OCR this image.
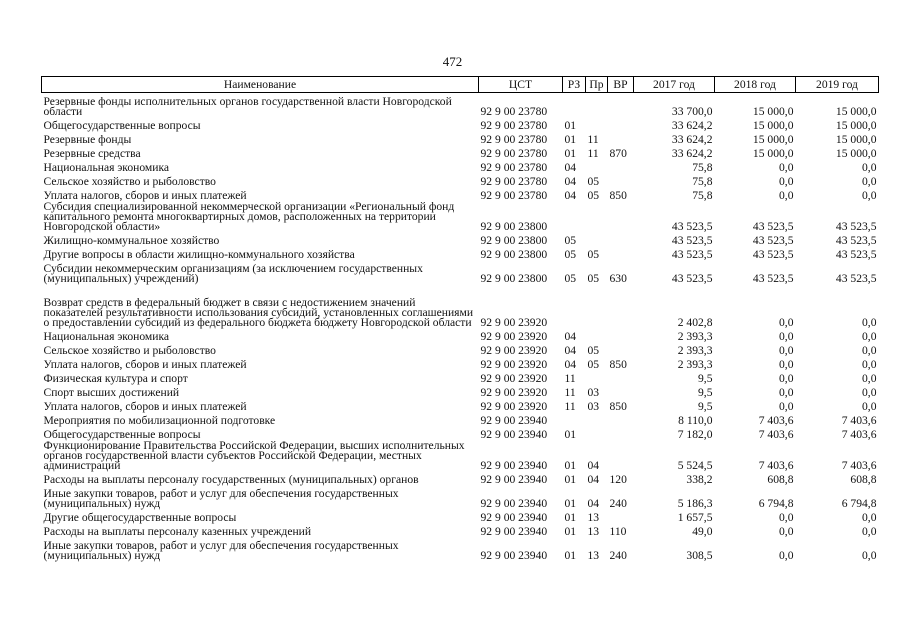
472
Наименование	ЦСТ	РЗ	Пр	ВР	2017 год	2018 год	2019 год
Резервные фонды исполнительных органов государственной власти Новгородской области	92 9 00 23780				33 700,0	15 000,0	15 000,0
Общегосударственные вопросы	92 9 00 23780	01			33 624,2	15 000,0	15 000,0
Резервные фонды	92 9 00 23780	01	11		33 624,2	15 000,0	15 000,0
Резервные средства	92 9 00 23780	01	11	870	33 624,2	15 000,0	15 000,0
Национальная экономика	92 9 00 23780	04			75,8	0,0	0,0
Сельское хозяйство и рыболовство	92 9 00 23780	04	05		75,8	0,0	0,0
Уплата налогов, сборов и иных платежей	92 9 00 23780	04	05	850	75,8	0,0	0,0
Субсидия специализированной некоммерческой организации «Региональный фонд капитального ремонта многоквартирных домов, расположенных на территории Новгородской области»	92 9 00 23800				43 523,5	43 523,5	43 523,5
Жилищно-коммунальное хозяйство	92 9 00 23800	05			43 523,5	43 523,5	43 523,5
Другие вопросы в области жилищно-коммунального хозяйства	92 9 00 23800	05	05		43 523,5	43 523,5	43 523,5
Субсидии некоммерческим организациям (за исключением государственных (муниципальных) учреждений)	92 9 00 23800	05	05	630	43 523,5	43 523,5	43 523,5
Возврат средств в федеральный бюджет в связи с недостижением значений показателей результативности использования субсидий, установленных соглашениями о предоставлении субсидий из федерального бюджета бюджету Новгородской области	92 9 00 23920				2 402,8	0,0	0,0
Национальная экономика	92 9 00 23920	04			2 393,3	0,0	0,0
Сельское хозяйство и рыболовство	92 9 00 23920	04	05		2 393,3	0,0	0,0
Уплата налогов, сборов и иных платежей	92 9 00 23920	04	05	850	2 393,3	0,0	0,0
Физическая культура и спорт	92 9 00 23920	11			9,5	0,0	0,0
Спорт высших достижений	92 9 00 23920	11	03		9,5	0,0	0,0
Уплата налогов, сборов и иных платежей	92 9 00 23920	11	03	850	9,5	0,0	0,0
Мероприятия по мобилизационной подготовке	92 9 00 23940				8 110,0	7 403,6	7 403,6
Общегосударственные вопросы	92 9 00 23940	01			7 182,0	7 403,6	7 403,6
Функционирование Правительства Российской Федерации, высших исполнительных органов государственной власти субъектов Российской Федерации, местных администраций	92 9 00 23940	01	04		5 524,5	7 403,6	7 403,6
Расходы на выплаты персоналу государственных (муниципальных) органов	92 9 00 23940	01	04	120	338,2	608,8	608,8
Иные закупки товаров, работ и услуг для обеспечения государственных (муниципальных) нужд	92 9 00 23940	01	04	240	5 186,3	6 794,8	6 794,8
Другие общегосударственные вопросы	92 9 00 23940	01	13		1 657,5	0,0	0,0
Расходы на выплаты персоналу казенных учреждений	92 9 00 23940	01	13	110	49,0	0,0	0,0
Иные закупки товаров, работ и услуг для обеспечения государственных (муниципальных) нужд	92 9 00 23940	01	13	240	308,5	0,0	0,0
